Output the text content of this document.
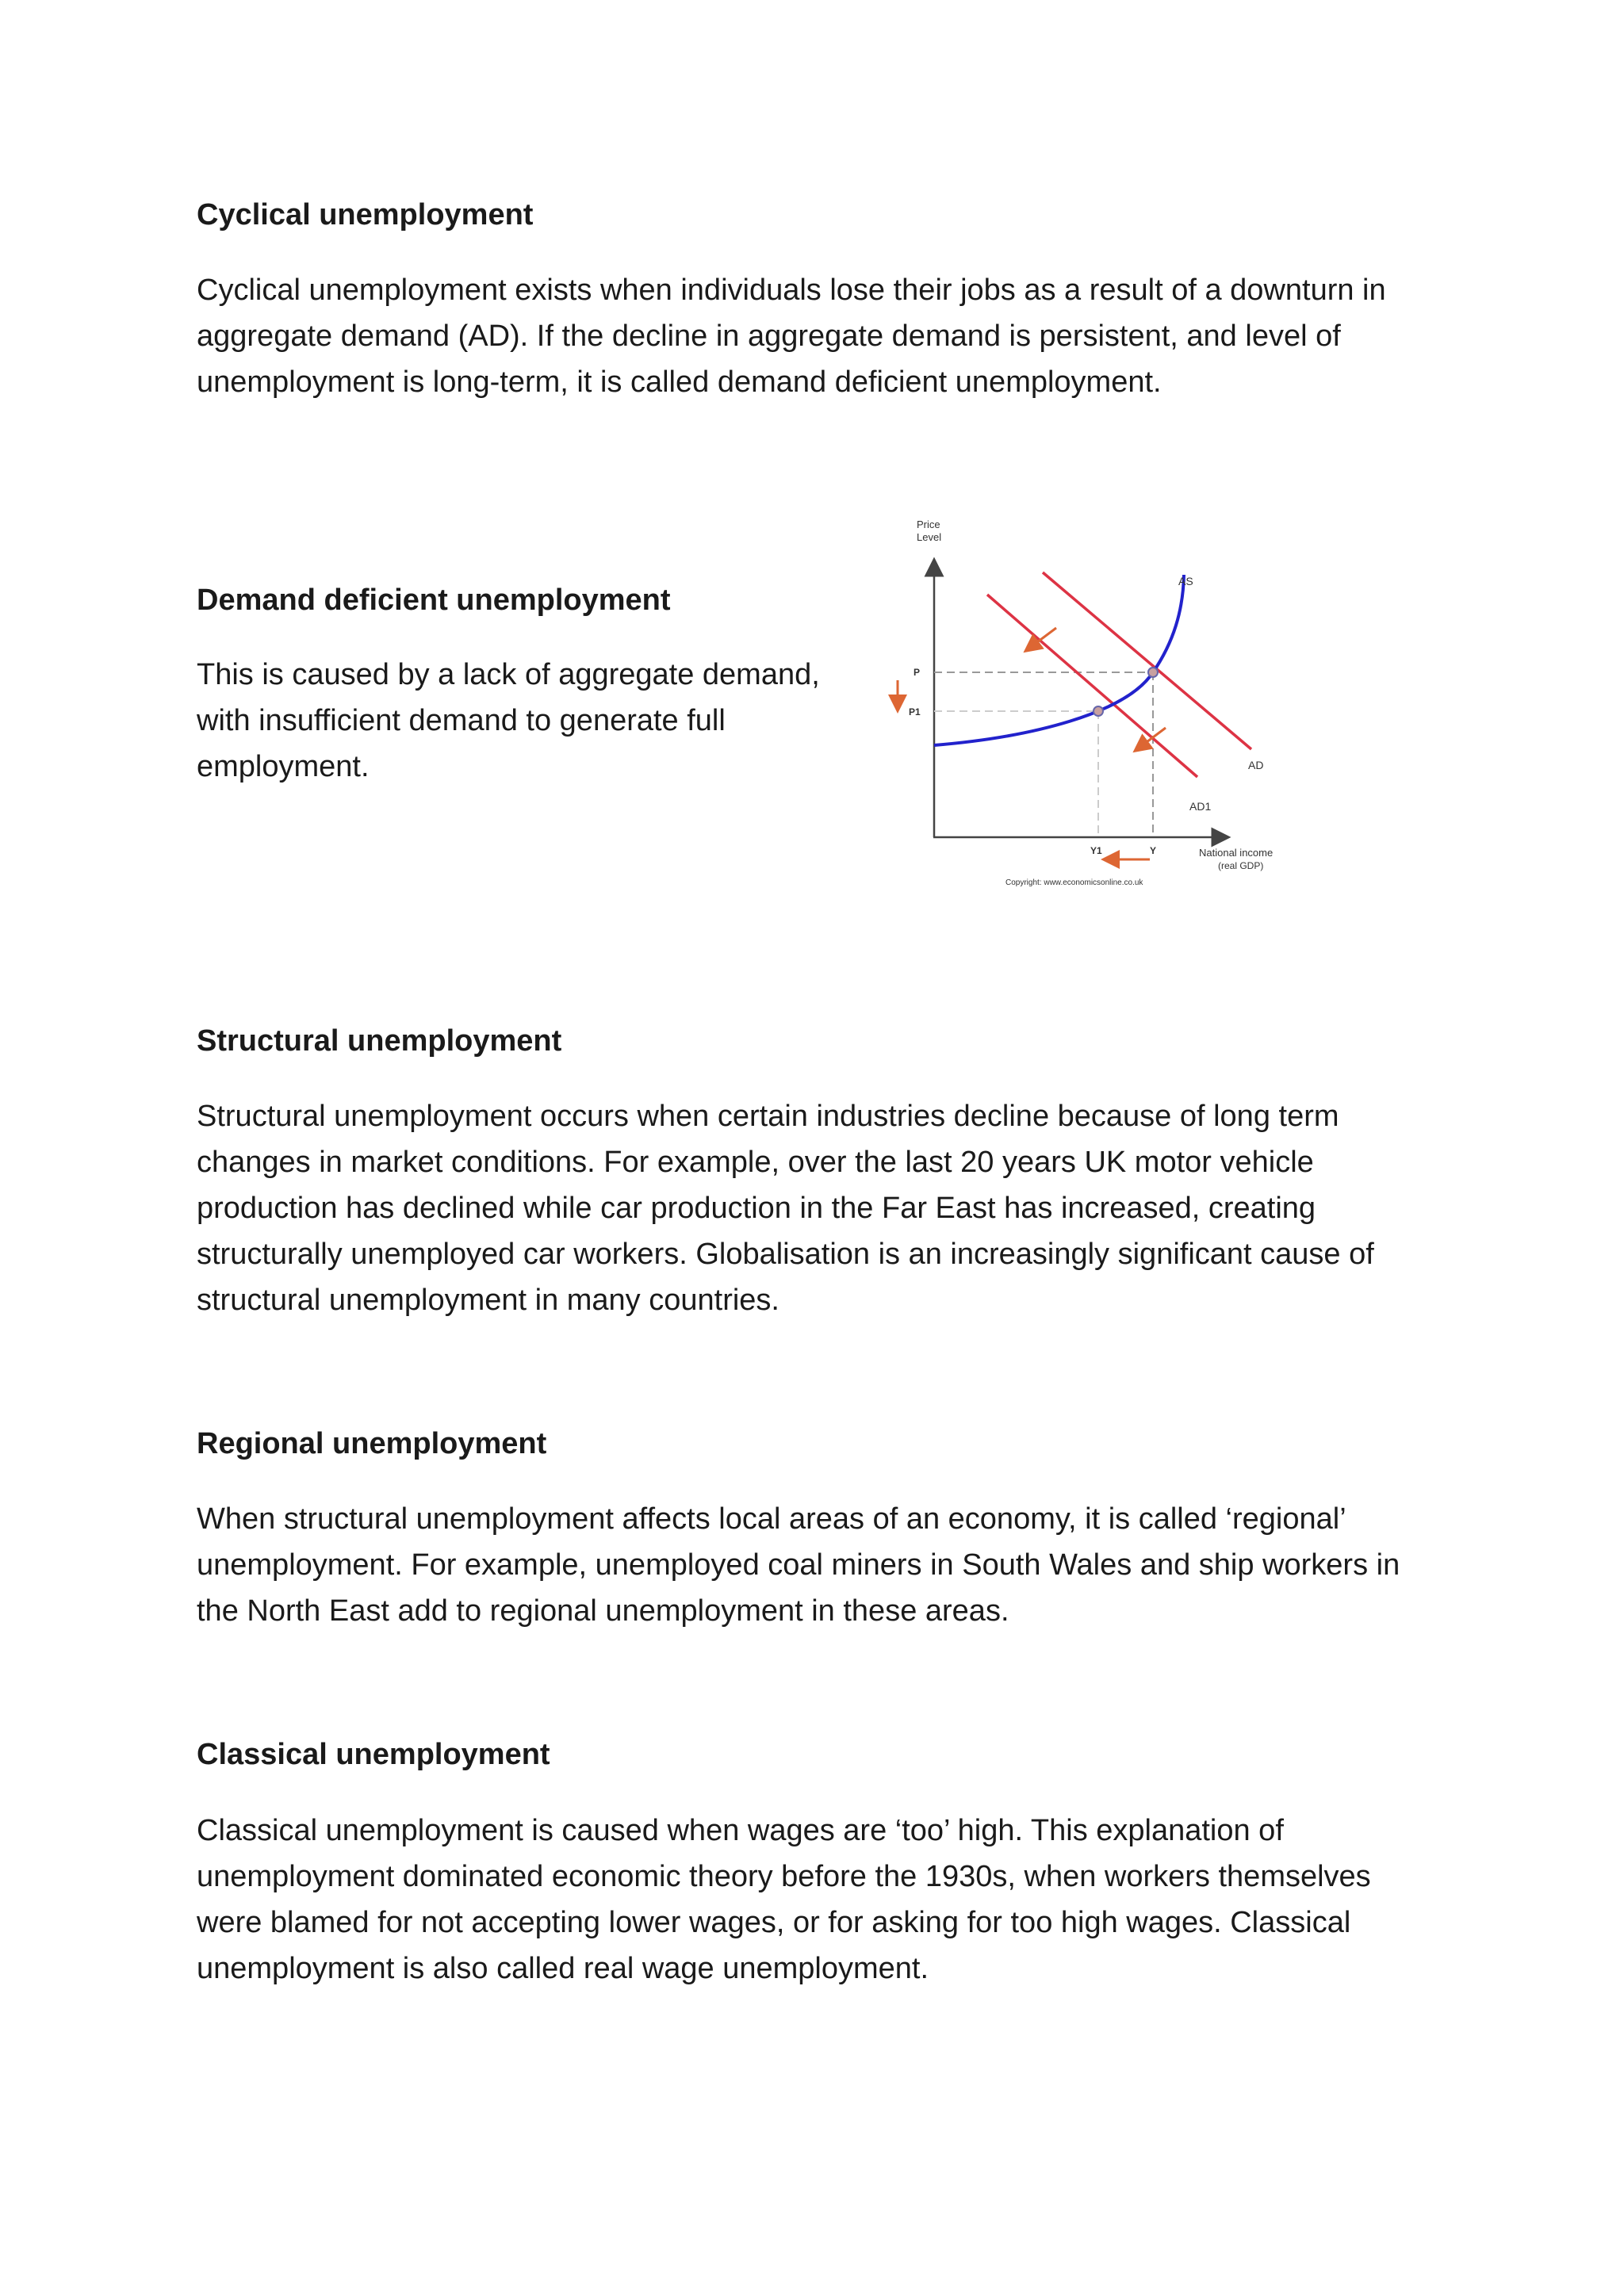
Cyclical unemployment

Cyclical unemployment exists when individuals lose their jobs as a result of a downturn in
aggregate demand (AD). If the decline in aggregate demand is persistent, and level of
unemployment is long-term, it is called demand deficient unemployment.

Demand deficient unemployment

This is caused by a lack of aggregate demand,
with insufficient demand to generate full
employment.

Price
Level
P
P1
Y1	Y
AS
AD
AD1
National income
(real GDP)
Copyright: www.economicsonline.co.uk
Structural unemployment

Structural unemployment occurs when certain industries decline because of long term
changes in market conditions. For example, over the last 20 years UK motor vehicle
production has declined while car production in the Far East has increased, creating
structurally unemployed car workers. Globalisation is an increasingly significant cause of
structural unemployment in many countries.

Regional unemployment

When structural unemployment affects local areas of an economy, it is called ‘regional’
unemployment. For example, unemployed coal miners in South Wales and ship workers in
the North East add to regional unemployment in these areas.

Classical unemployment

Classical unemployment is caused when wages are ‘too’ high. This explanation of
unemployment dominated economic theory before the 1930s, when workers themselves
were blamed for not accepting lower wages, or for asking for too high wages. Classical
unemployment is also called real wage unemployment.
